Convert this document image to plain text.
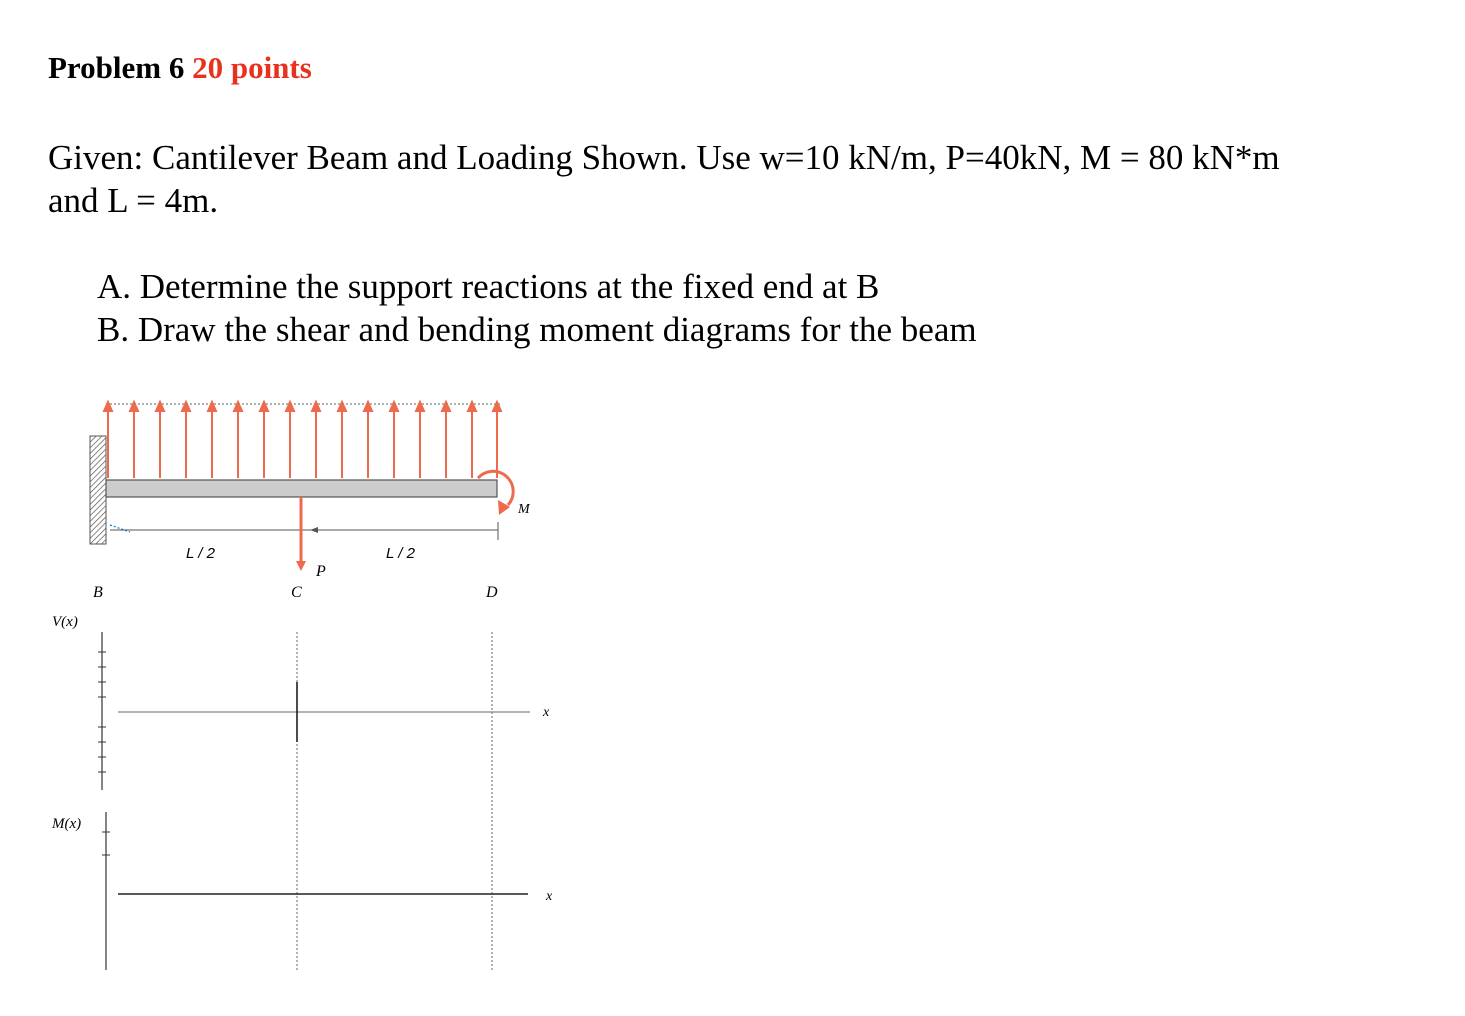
Problem 6 20 points
Given: Cantilever Beam and Loading Shown. Use w=10 kN/m, P=40kN, M = 80 kN*m
and L = 4m.
A. Determine the support reactions at the fixed end at B
B. Draw the shear and bending moment diagrams for the beam
M
L / 2	L / 2
P
B	C	D
V(x)
x
M(x)
x
